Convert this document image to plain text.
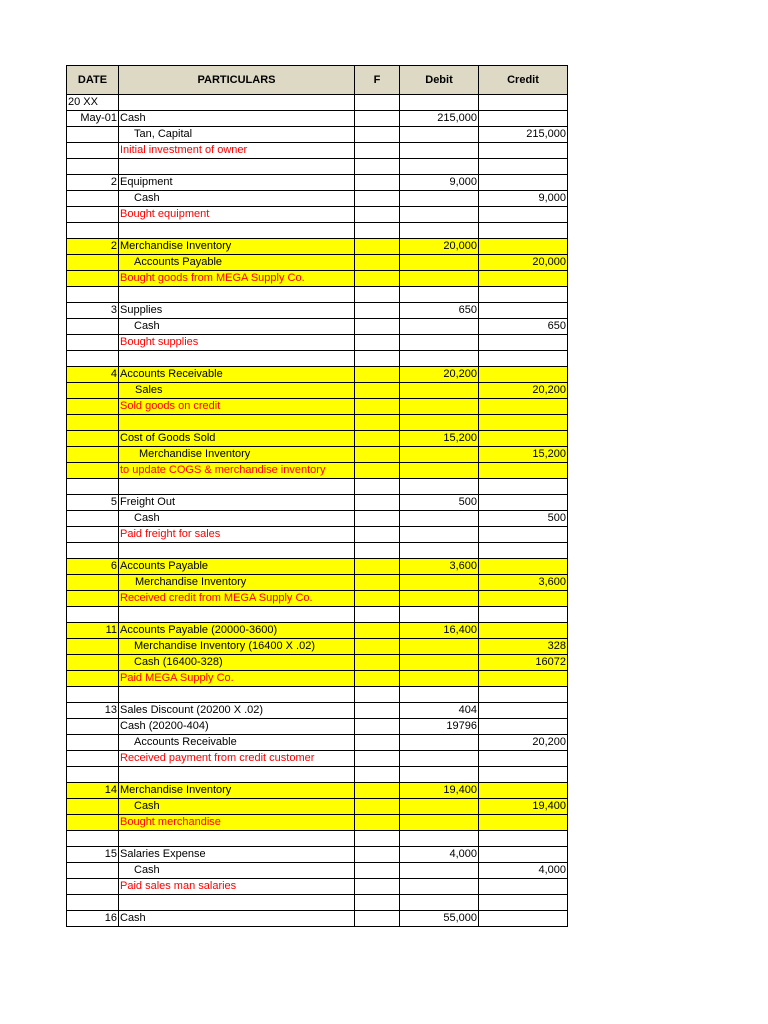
DATE	PARTICULARS	F	Debit	Credit
20 XX				
May-01	Cash		215,000	
	Tan, Capital			215,000
	Initial investment of owner			

2	Equipment		9,000	
	Cash			9,000
	Bought equipment			

2	Merchandise Inventory		20,000	
	Accounts Payable			20,000
	Bought goods from MEGA Supply Co.			

3	Supplies		650	
	Cash			650
	Bought supplies			

4	Accounts Receivable		20,200	
	Sales			20,200
	Sold goods on credit			

	Cost of Goods Sold		15,200	
	Merchandise Inventory			15,200
	to update COGS & merchandise inventory			

5	Freight Out		500	
	Cash			500
	Paid freight for sales			

6	Accounts Payable		3,600	
	Merchandise Inventory			3,600
	Received credit from MEGA Supply Co.			

11	Accounts Payable (20000-3600)		16,400	
	Merchandise Inventory (16400 X .02)			328
	Cash (16400-328)			16072
	Paid MEGA Supply Co.			

13	Sales Discount (20200 X .02)		404	
	Cash (20200-404)		19796	
	Accounts Receivable			20,200
	Received payment from credit customer			

14	Merchandise Inventory		19,400	
	Cash			19,400
	Bought merchandise			

15	Salaries Expense		4,000	
	Cash			4,000
	Paid sales man salaries			

16	Cash		55,000	
